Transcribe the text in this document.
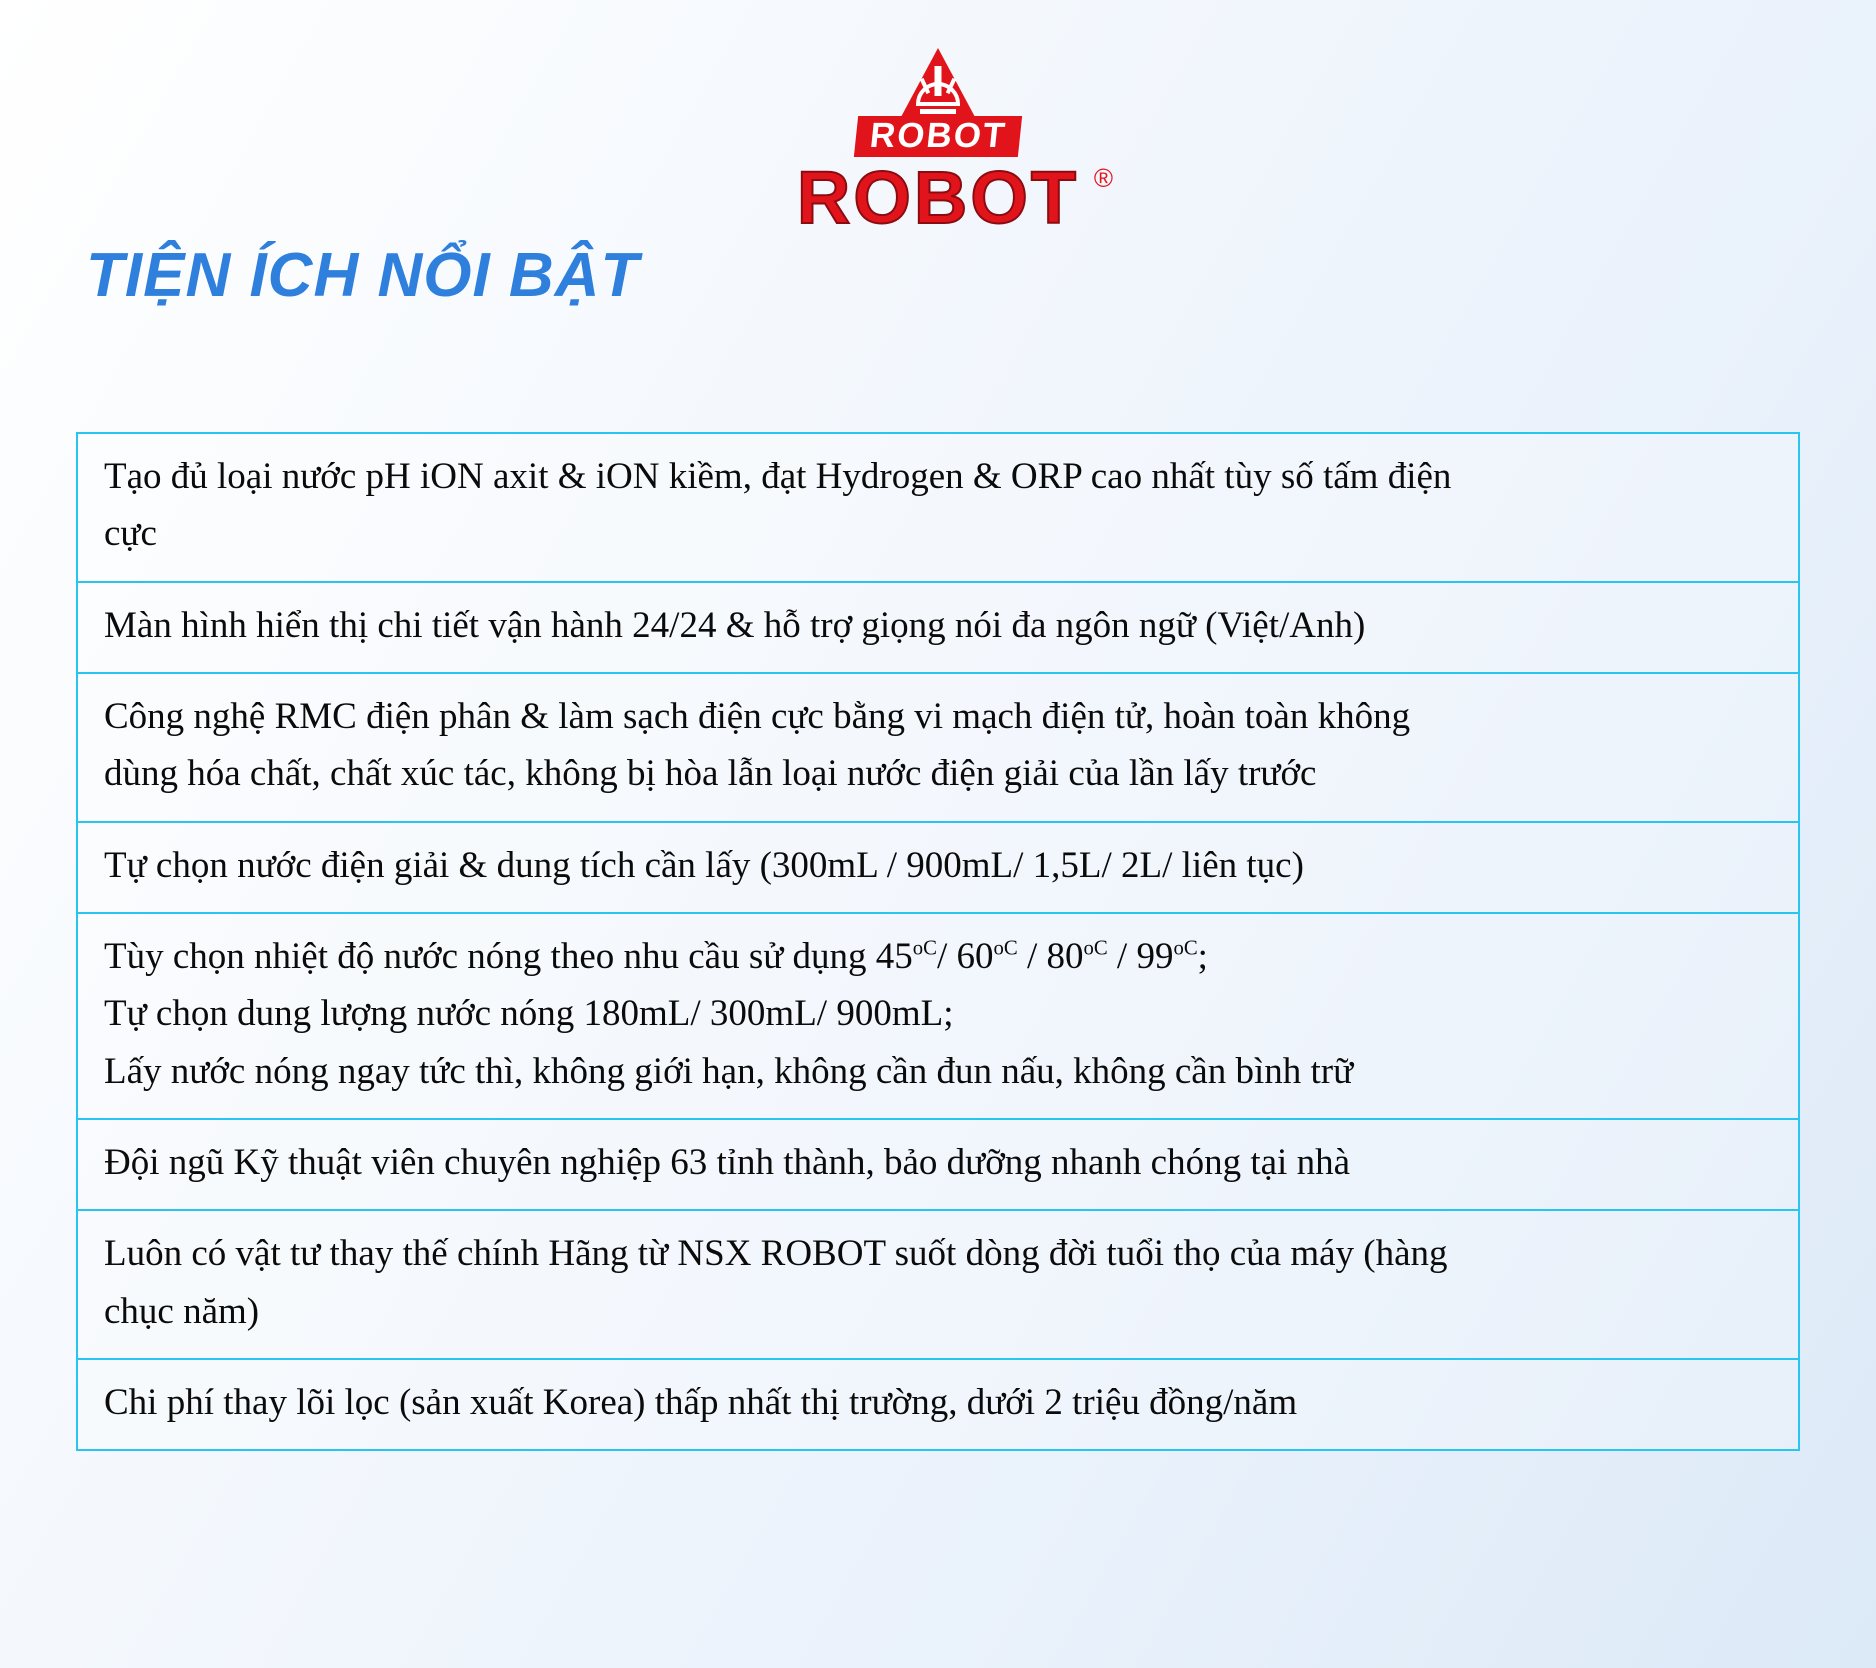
ROBOT
ROBOT ®
TIỆN ÍCH NỔI BẬT
Tạo đủ loại nước pH iON axit & iON kiềm, đạt Hydrogen & ORP cao nhất tùy số tấm điện
cực

Màn hình hiển thị chi tiết vận hành 24/24 & hỗ trợ giọng nói đa ngôn ngữ (Việt/Anh)

Công nghệ RMC điện phân & làm sạch điện cực bằng vi mạch điện tử, hoàn toàn không
dùng hóa chất, chất xúc tác, không bị hòa lẫn loại nước điện giải của lần lấy trước

Tự chọn nước điện giải & dung tích cần lấy (300mL / 900mL/ 1,5L/ 2L/ liên tục)

Tùy chọn nhiệt độ nước nóng theo nhu cầu sử dụng $45^{oC}/$ $60^{oC} / 80^{oC} / 99^{oC}$;
Tự chọn dung lượng nước nóng 180mL/ 300mL/ 900mL;
Lấy nước nóng ngay tức thì, không giới hạn, không cần đun nấu, không cần bình trữ

Đội ngũ Kỹ thuật viên chuyên nghiệp 63 tỉnh thành, bảo dưỡng nhanh chóng tại nhà

Luôn có vật tư thay thế chính Hãng từ NSX ROBOT suốt dòng đời tuổi thọ của máy (hàng
chục năm)

Chi phí thay lõi lọc (sản xuất Korea) thấp nhất thị trường, dưới 2 triệu đồng/năm
